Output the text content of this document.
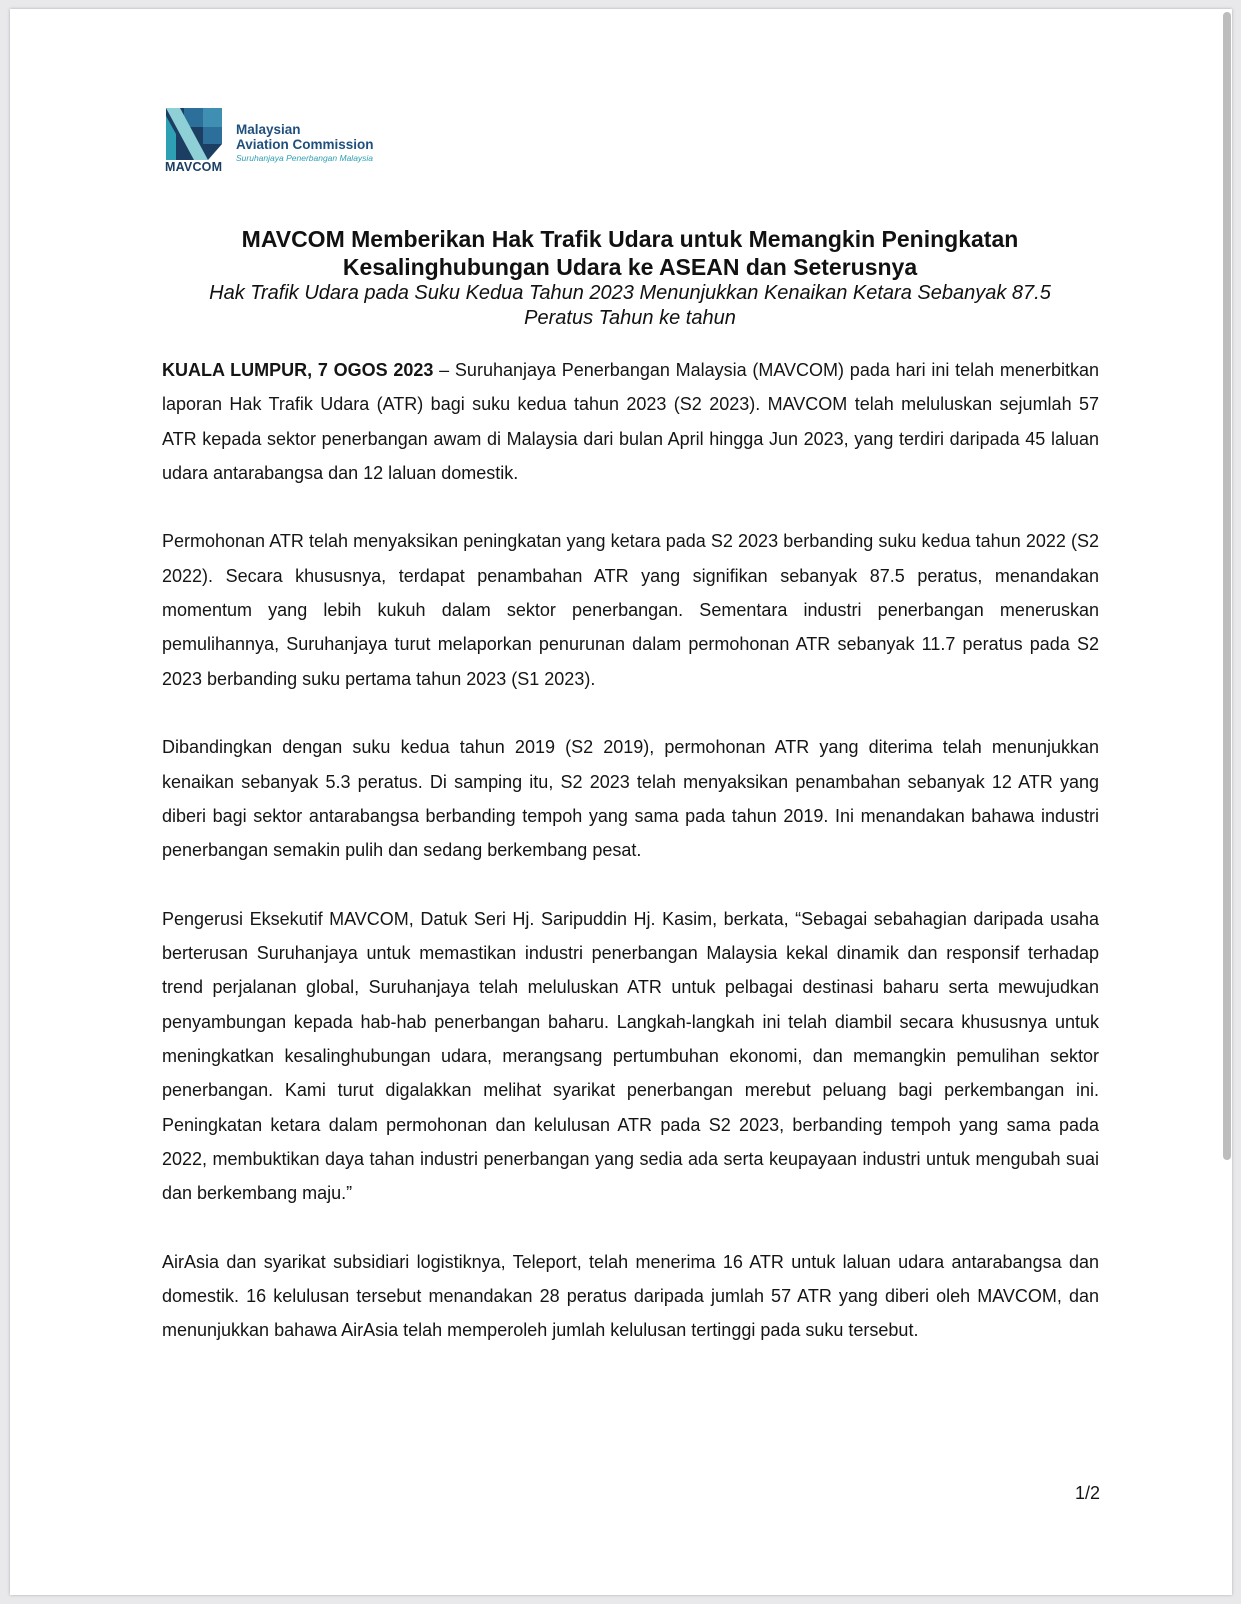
MAVCOM
Malaysian
Aviation Commission
Suruhanjaya Penerbangan Malaysia
MAVCOM Memberikan Hak Trafik Udara untuk Memangkin Peningkatan
Kesalinghubungan Udara ke ASEAN dan Seterusnya
Hak Trafik Udara pada Suku Kedua Tahun 2023 Menunjukkan Kenaikan Ketara Sebanyak 87.5
Peratus Tahun ke tahun

KUALA LUMPUR, 7 OGOS 2023 – Suruhanjaya Penerbangan Malaysia (MAVCOM) pada hari ini telah menerbitkan laporan Hak Trafik Udara (ATR) bagi suku kedua tahun 2023 (S2 2023). MAVCOM telah meluluskan sejumlah 57 ATR kepada sektor penerbangan awam di Malaysia dari bulan April hingga Jun 2023, yang terdiri daripada 45 laluan udara antarabangsa dan 12 laluan domestik.

Permohonan ATR telah menyaksikan peningkatan yang ketara pada S2 2023 berbanding suku kedua tahun 2022 (S2 2022). Secara khususnya, terdapat penambahan ATR yang signifikan sebanyak 87.5 peratus, menandakan momentum yang lebih kukuh dalam sektor penerbangan. Sementara industri penerbangan meneruskan pemulihannya, Suruhanjaya turut melaporkan penurunan dalam permohonan ATR sebanyak 11.7 peratus pada S2 2023 berbanding suku pertama tahun 2023 (S1 2023).

Dibandingkan dengan suku kedua tahun 2019 (S2 2019), permohonan ATR yang diterima telah menunjukkan kenaikan sebanyak 5.3 peratus. Di samping itu, S2 2023 telah menyaksikan penambahan sebanyak 12 ATR yang diberi bagi sektor antarabangsa berbanding tempoh yang sama pada tahun 2019. Ini menandakan bahawa industri penerbangan semakin pulih dan sedang berkembang pesat.

Pengerusi Eksekutif MAVCOM, Datuk Seri Hj. Saripuddin Hj. Kasim, berkata, “Sebagai sebahagian daripada usaha berterusan Suruhanjaya untuk memastikan industri penerbangan Malaysia kekal dinamik dan responsif terhadap trend perjalanan global, Suruhanjaya telah meluluskan ATR untuk pelbagai destinasi baharu serta mewujudkan penyambungan kepada hab-hab penerbangan baharu. Langkah-langkah ini telah diambil secara khususnya untuk meningkatkan kesalinghubungan udara, merangsang pertumbuhan ekonomi, dan memangkin pemulihan sektor penerbangan. Kami turut digalakkan melihat syarikat penerbangan merebut peluang bagi perkembangan ini. Peningkatan ketara dalam permohonan dan kelulusan ATR pada S2 2023, berbanding tempoh yang sama pada 2022, membuktikan daya tahan industri penerbangan yang sedia ada serta keupayaan industri untuk mengubah suai dan berkembang maju.”

AirAsia dan syarikat subsidiari logistiknya, Teleport, telah menerima 16 ATR untuk laluan udara antarabangsa dan domestik. 16 kelulusan tersebut menandakan 28 peratus daripada jumlah 57 ATR yang diberi oleh MAVCOM, dan menunjukkan bahawa AirAsia telah memperoleh jumlah kelulusan tertinggi pada suku tersebut.

1/2
